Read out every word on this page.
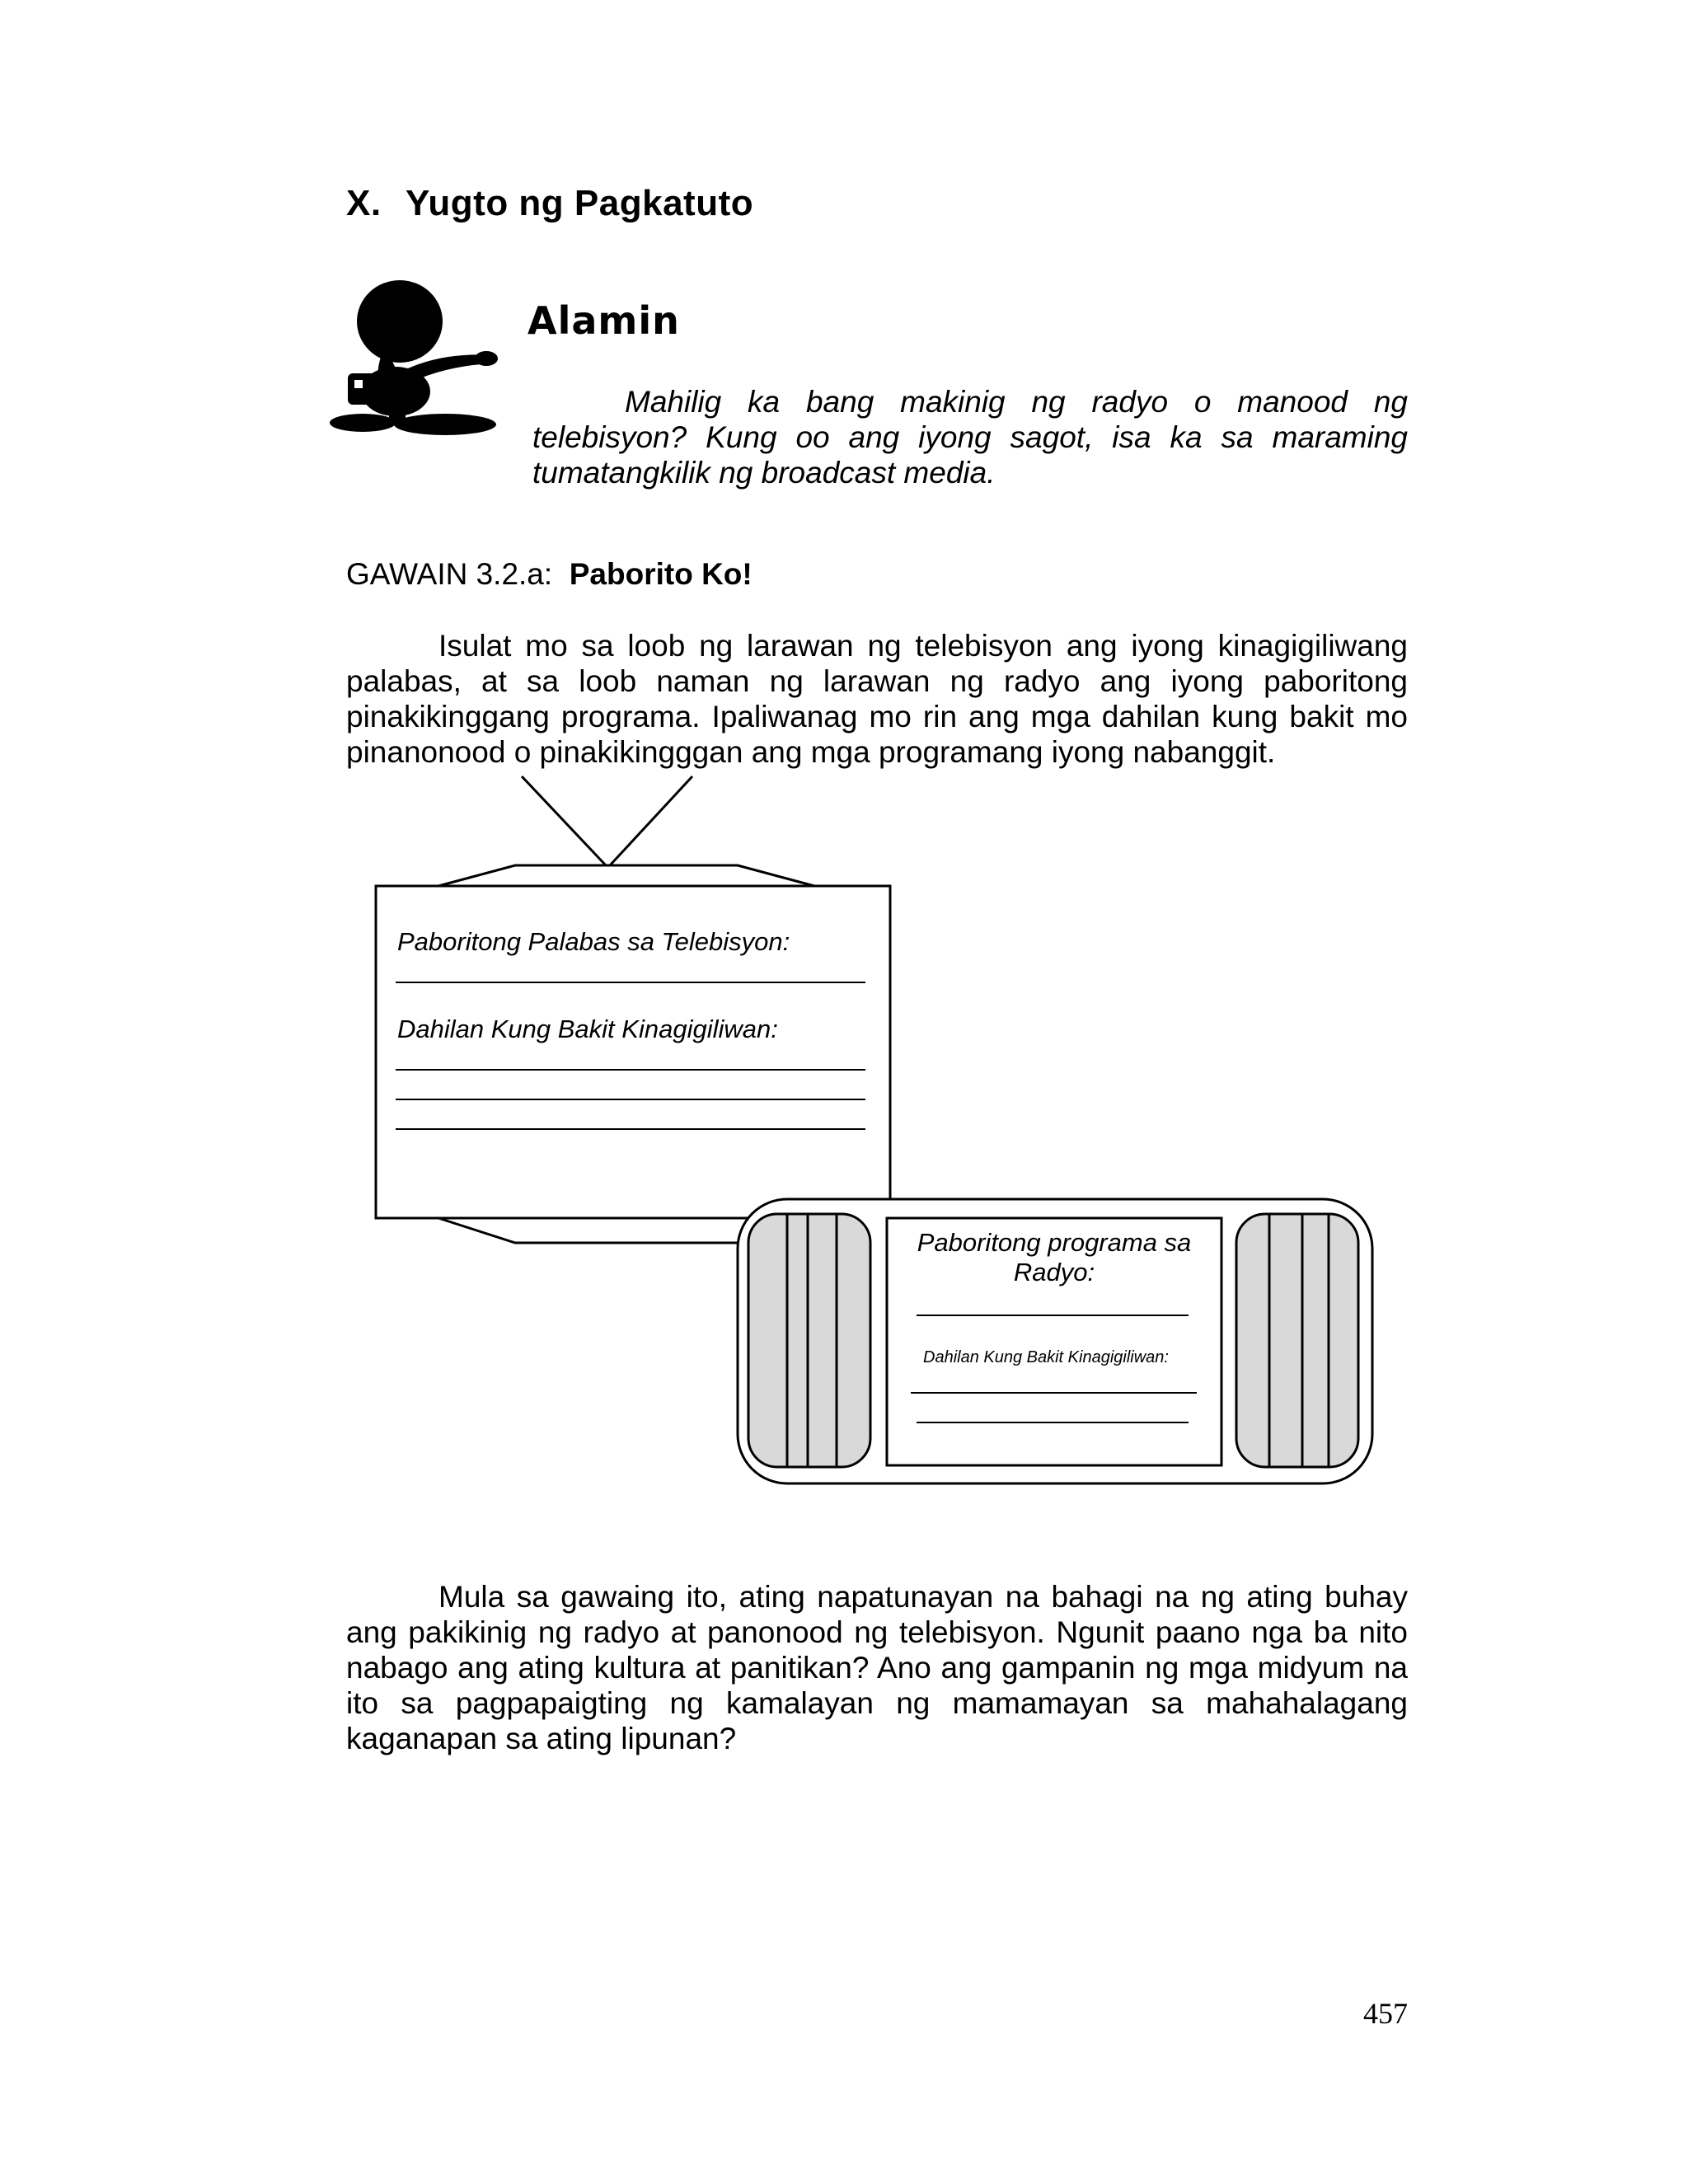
X. Yugto ng Pagkatuto
Alamin
Mahilig ka bang makinig ng radyo o manood ng telebisyon? Kung oo ang iyong sagot, isa ka sa maraming tumatangkilik ng broadcast media.
GAWAIN 3.2.a: Paborito Ko!
Isulat mo sa loob ng larawan ng telebisyon ang iyong kinagigiliwang palabas, at sa loob naman ng larawan ng radyo ang iyong paboritong pinakikinggang programa. Ipaliwanag mo rin ang mga dahilan kung bakit mo pinanonood o pinakikingggan ang mga programang iyong nabanggit.
Paboritong Palabas sa Telebisyon:
Dahilan Kung Bakit Kinagigiliwan:
Paboritong programa sa Radyo:
Dahilan Kung Bakit Kinagigiliwan:
Mula sa gawaing ito, ating napatunayan na bahagi na ng ating buhay ang pakikinig ng radyo at panonood ng telebisyon. Ngunit paano nga ba nito nabago ang ating kultura at panitikan? Ano ang gampanin ng mga midyum na ito sa pagpapaigting ng kamalayan ng mamamayan sa mahahalagang kaganapan sa ating lipunan?
457
